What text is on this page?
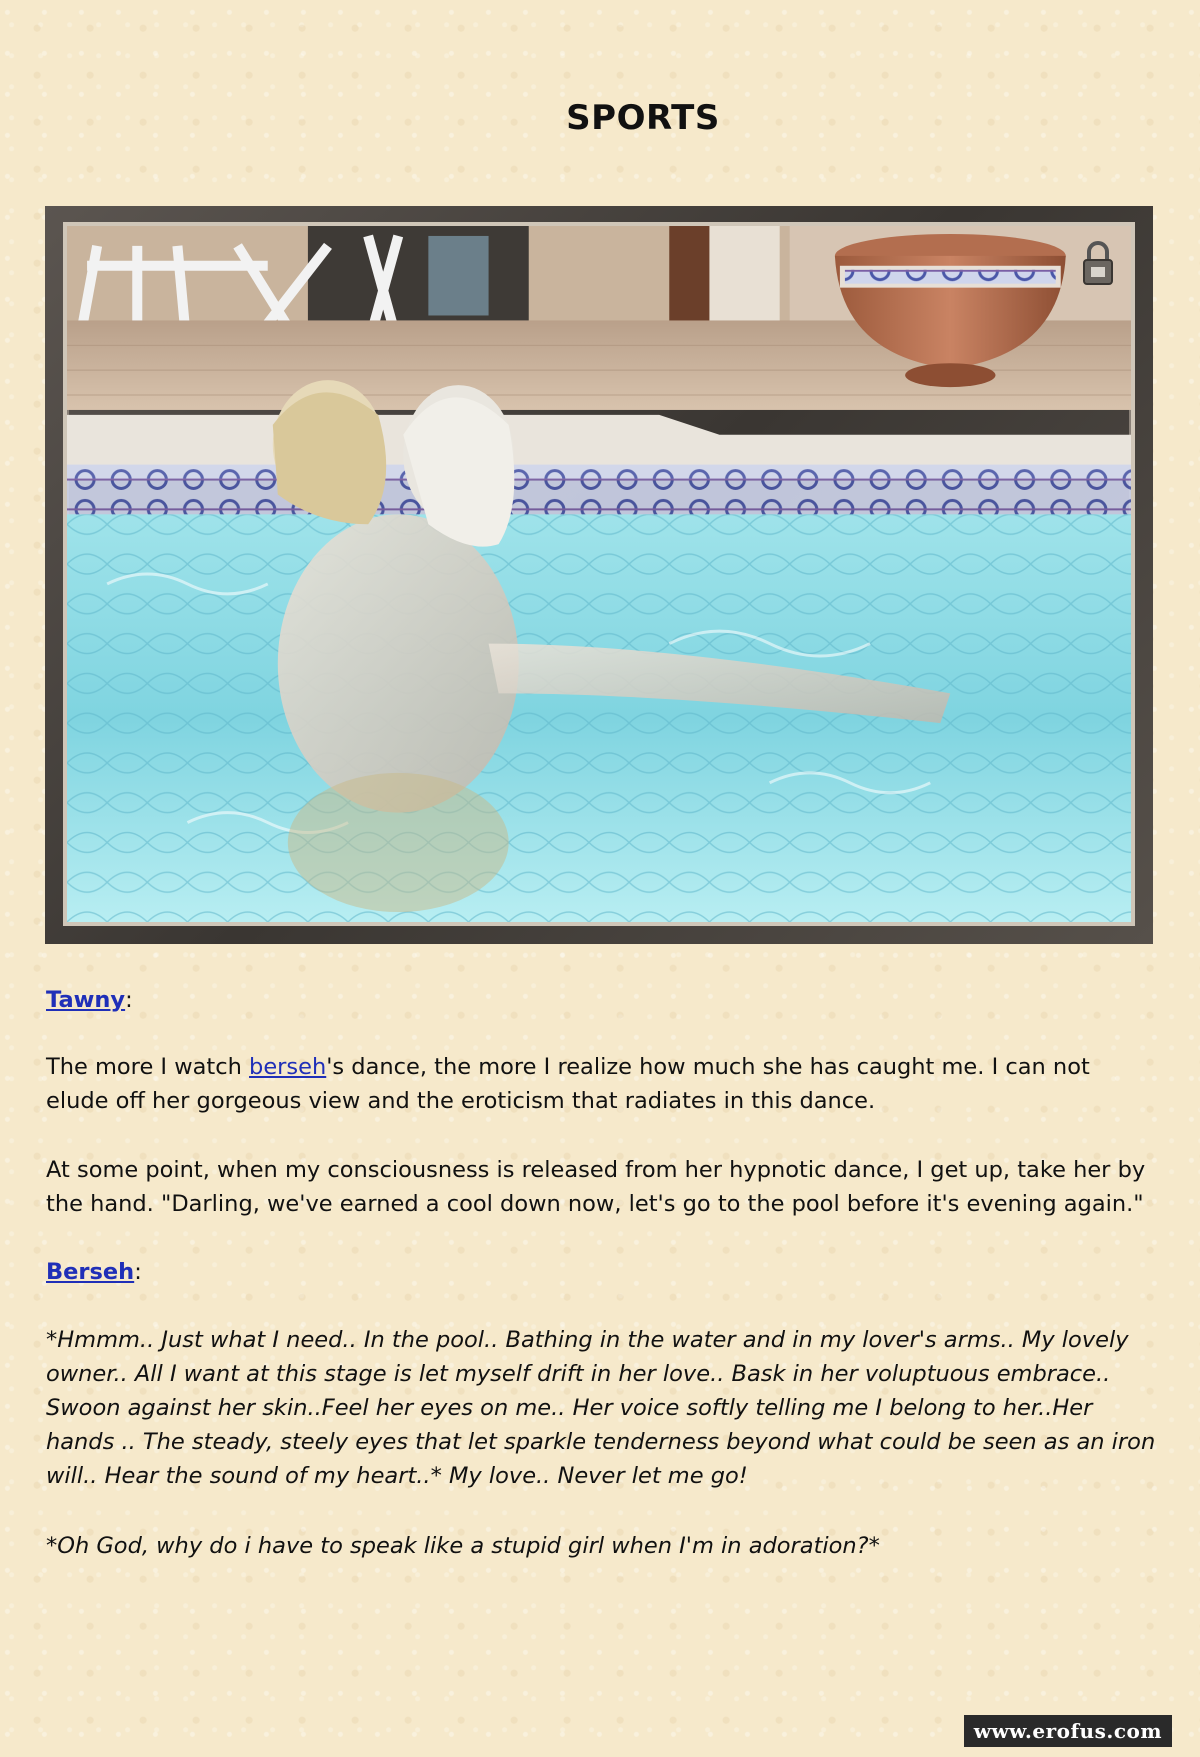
SPORTS
Tawny:
The more I watch berseh's dance, the more I realize how much she has caught me. I can not elude off her gorgeous view and the eroticism that radiates in this dance.
At some point, when my consciousness is released from her hypnotic dance, I get up, take her by the hand. "Darling, we've earned a cool down now, let's go to the pool before it's evening again."
Berseh:
*Hmmm.. Just what I need.. In the pool.. Bathing in the water and in my lover's arms.. My lovely owner.. All I want at this stage is let myself drift in her love.. Bask in her voluptuous embrace.. Swoon against her skin..Feel her eyes on me.. Her voice softly telling me I belong to her..Her hands .. The steady, steely eyes that let sparkle tenderness beyond what could be seen as an iron will.. Hear the sound of my heart..* My love.. Never let me go!
*Oh God, why do i have to speak like a stupid girl when I'm in adoration?*
www.erofus.com
